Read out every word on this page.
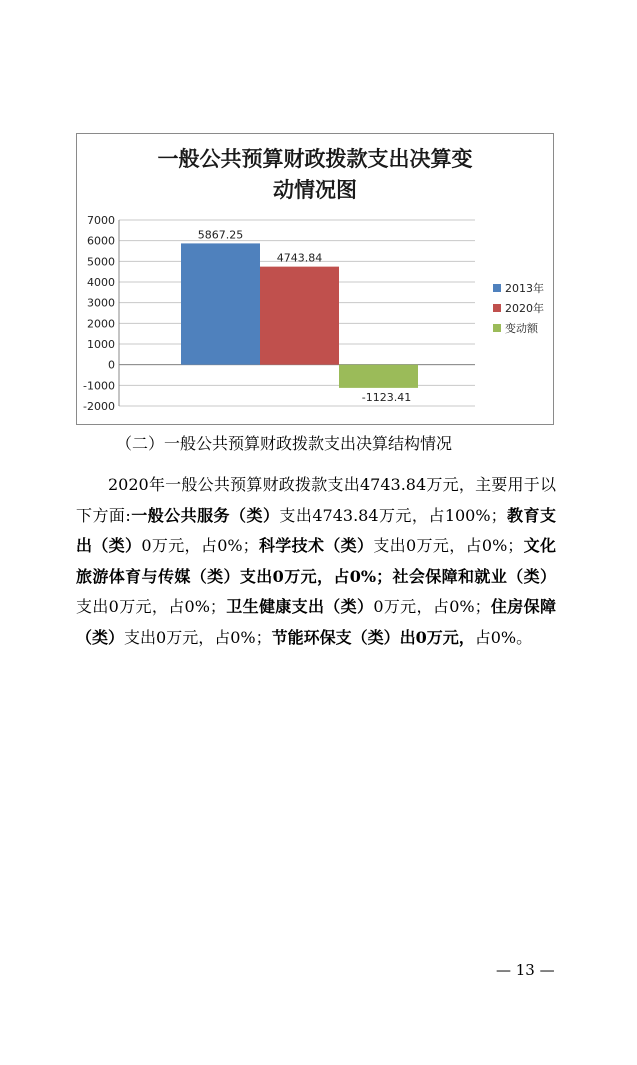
一般公共预算财政拨款支出决算变
动情况图
7000
6000
5000
4000
3000
2000
1000
0
-1000
-2000
5867.25
4743.84
-1123.41
2013年
2020年
变动额
（二）一般公共预算财政拨款支出决算结构情况
2020年一般公共预算财政拨款支出4743.84万元，主要用于以下方面:一般公共服务（类）支出4743.84万元，占100%；教育支出（类）0万元，占0%；科学技术（类）支出0万元，占0%；文化旅游体育与传媒（类）支出0万元，占0%；社会保障和就业（类）支出0万元，占0%；卫生健康支出（类）0万元，占0%；住房保障（类）支出0万元，占0%；节能环保支（类）出0万元，占0%。
— 13 —
